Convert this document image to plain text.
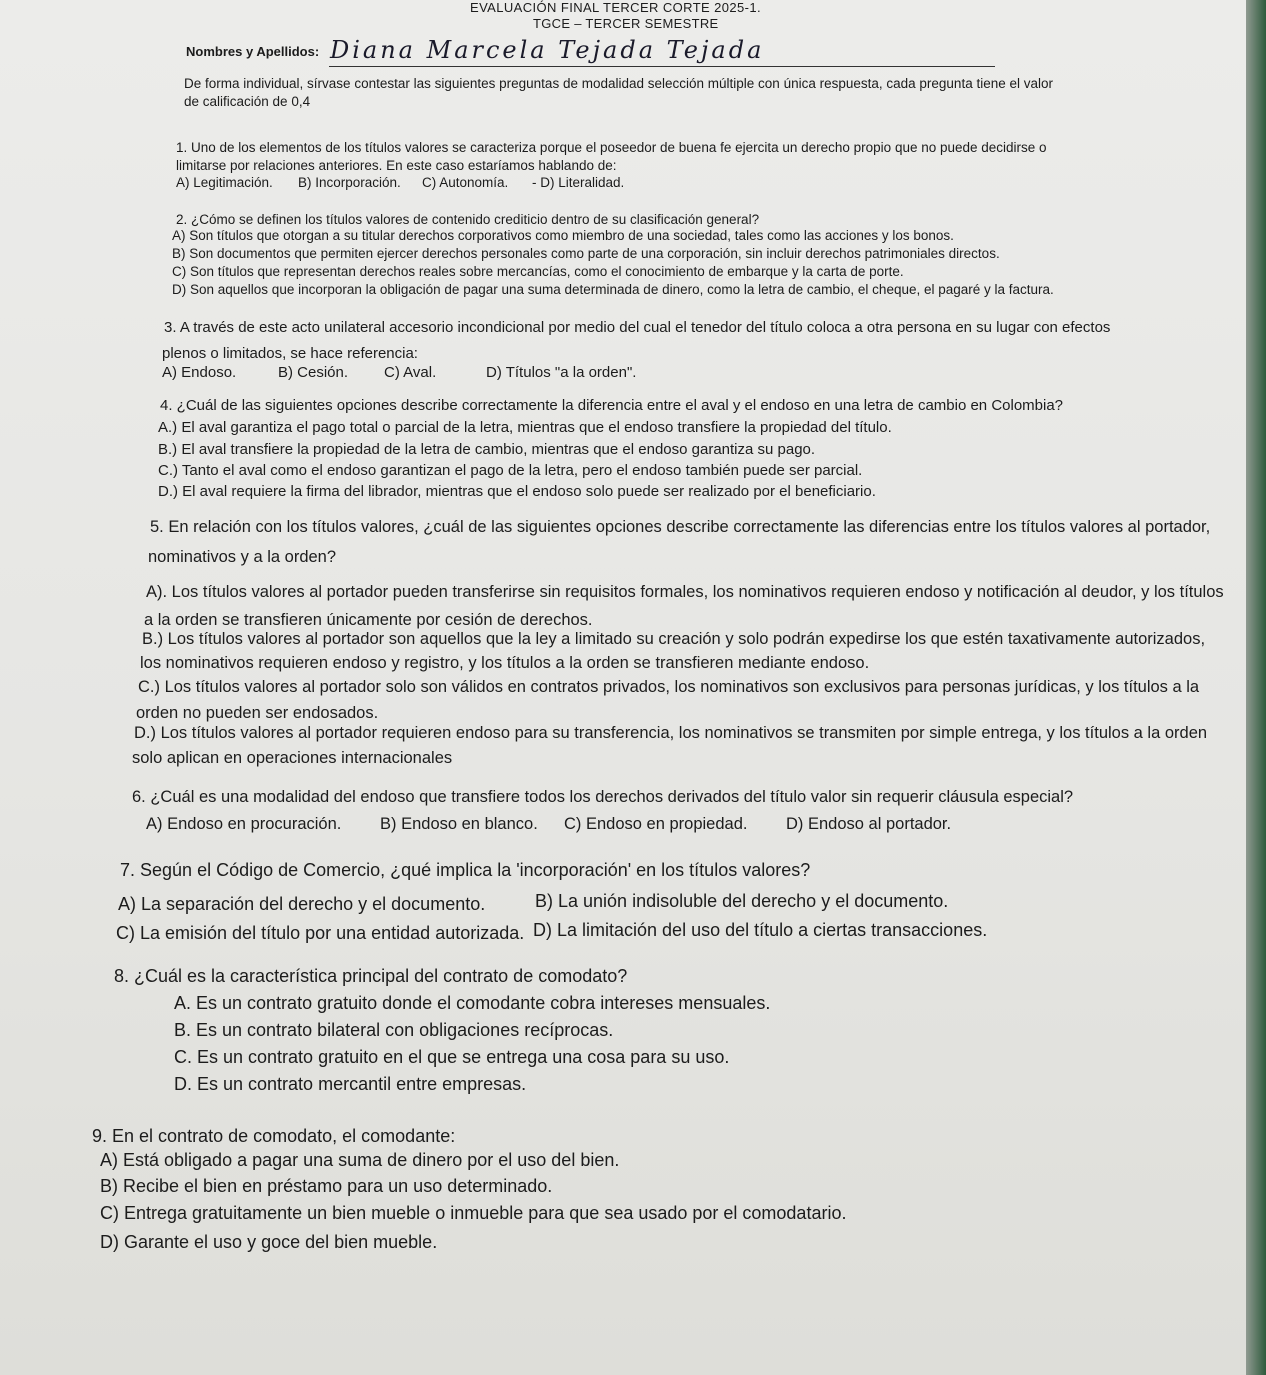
EVALUACIÓN FINAL TERCER CORTE 2025-1.
TGCE – TERCER SEMESTRE
Nombres y Apellidos: Diana Marcela Tejada Tejada
De forma individual, sírvase contestar las siguientes preguntas de modalidad selección múltiple con única respuesta, cada pregunta tiene el valor
de calificación de 0,4
1. Uno de los elementos de los títulos valores se caracteriza porque el poseedor de buena fe ejercita un derecho propio que no puede decidirse o
limitarse por relaciones anteriores. En este caso estaríamos hablando de:
A) Legitimación. B) Incorporación. C) Autonomía. - D) Literalidad.
2. ¿Cómo se definen los títulos valores de contenido crediticio dentro de su clasificación general?
A) Son títulos que otorgan a su titular derechos corporativos como miembro de una sociedad, tales como las acciones y los bonos.
B) Son documentos que permiten ejercer derechos personales como parte de una corporación, sin incluir derechos patrimoniales directos.
C) Son títulos que representan derechos reales sobre mercancías, como el conocimiento de embarque y la carta de porte.
D) Son aquellos que incorporan la obligación de pagar una suma determinada de dinero, como la letra de cambio, el cheque, el pagaré y la factura.
3. A través de este acto unilateral accesorio incondicional por medio del cual el tenedor del título coloca a otra persona en su lugar con efectos
plenos o limitados, se hace referencia:
A) Endoso.	B) Cesión. C) Aval.	D) Títulos "a la orden".
4. ¿Cuál de las siguientes opciones describe correctamente la diferencia entre el aval y el endoso en una letra de cambio en Colombia?
A.) El aval garantiza el pago total o parcial de la letra, mientras que el endoso transfiere la propiedad del título.
B.) El aval transfiere la propiedad de la letra de cambio, mientras que el endoso garantiza su pago.
C.) Tanto el aval como el endoso garantizan el pago de la letra, pero el endoso también puede ser parcial.
D.) El aval requiere la firma del librador, mientras que el endoso solo puede ser realizado por el beneficiario.
5. En relación con los títulos valores, ¿cuál de las siguientes opciones describe correctamente las diferencias entre los títulos valores al portador,
nominativos y a la orden?
A). Los títulos valores al portador pueden transferirse sin requisitos formales, los nominativos requieren endoso y notificación al deudor, y los títulos
a la orden se transfieren únicamente por cesión de derechos.
B.) Los títulos valores al portador son aquellos que la ley a limitado su creación y solo podrán expedirse los que estén taxativamente autorizados,
los nominativos requieren endoso y registro, y los títulos a la orden se transfieren mediante endoso.
C.) Los títulos valores al portador solo son válidos en contratos privados, los nominativos son exclusivos para personas jurídicas, y los títulos a la
orden no pueden ser endosados.
D.) Los títulos valores al portador requieren endoso para su transferencia, los nominativos se transmiten por simple entrega, y los títulos a la orden
solo aplican en operaciones internacionales
6. ¿Cuál es una modalidad del endoso que transfiere todos los derechos derivados del título valor sin requerir cláusula especial?
A) Endoso en procuración. B) Endoso en blanco. C) Endoso en propiedad. D) Endoso al portador.
7. Según el Código de Comercio, ¿qué implica la 'incorporación' en los títulos valores?
A) La separación del derecho y el documento.	B) La unión indisoluble del derecho y el documento.
C) La emisión del título por una entidad autorizada. D) La limitación del uso del título a ciertas transacciones.
8. ¿Cuál es la característica principal del contrato de comodato?
A. Es un contrato gratuito donde el comodante cobra intereses mensuales.
B. Es un contrato bilateral con obligaciones recíprocas.
C. Es un contrato gratuito en el que se entrega una cosa para su uso.
D. Es un contrato mercantil entre empresas.
9. En el contrato de comodato, el comodante:
A) Está obligado a pagar una suma de dinero por el uso del bien.
B) Recibe el bien en préstamo para un uso determinado.
C) Entrega gratuitamente un bien mueble o inmueble para que sea usado por el comodatario.
D) Garante el uso y goce del bien mueble.
